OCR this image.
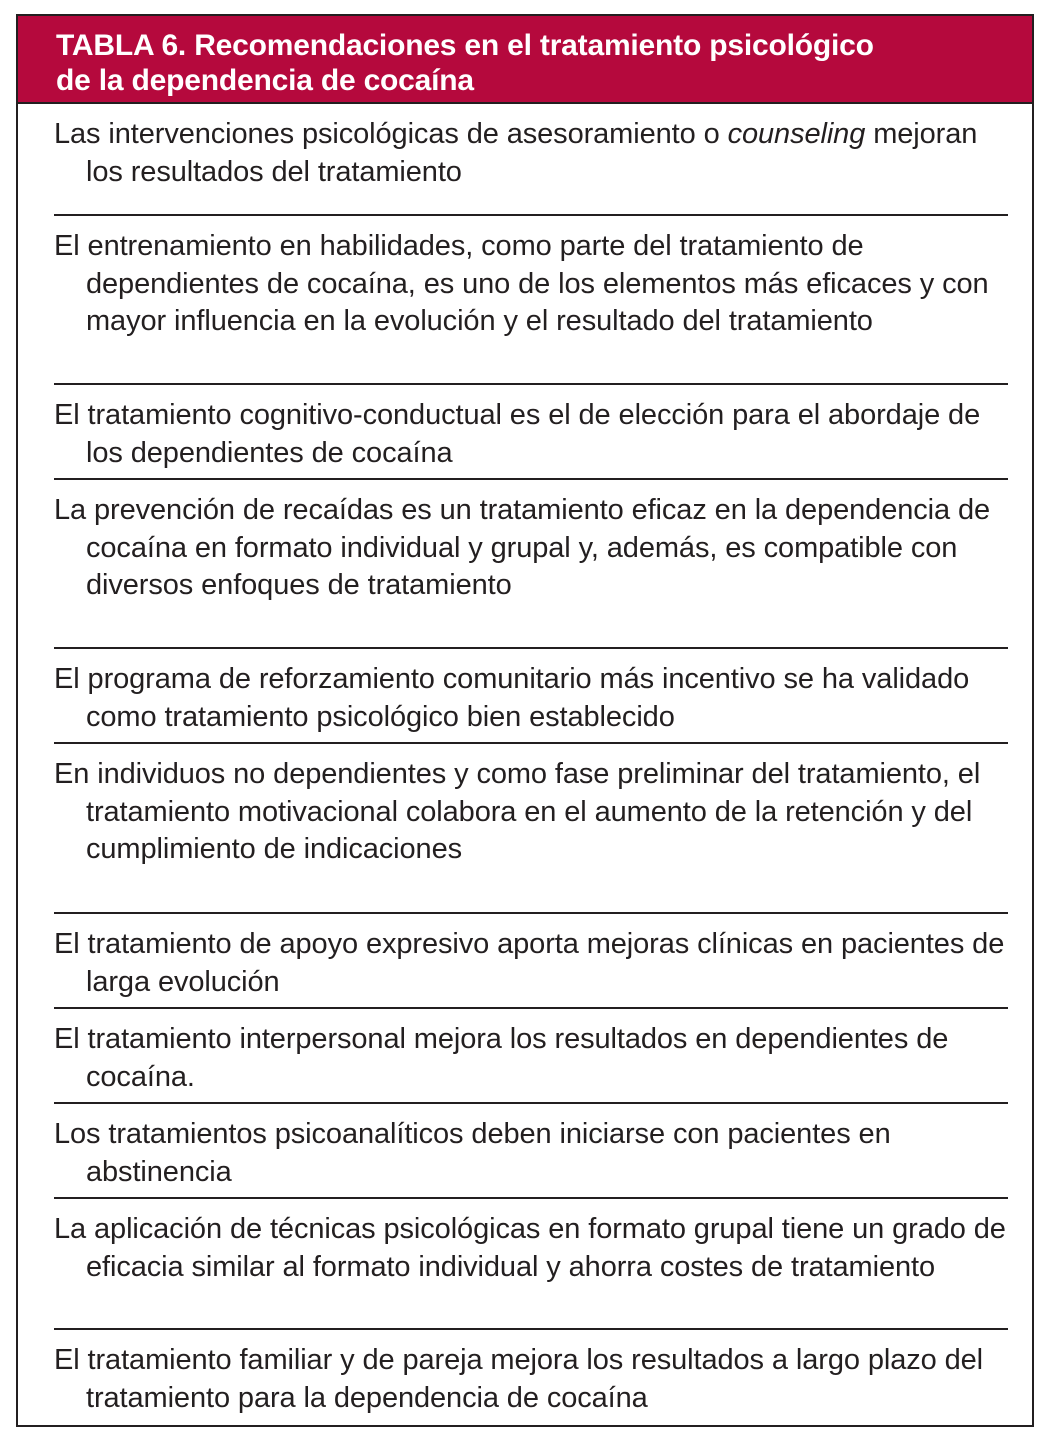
TABLA 6. Recomendaciones en el tratamiento psicológico
de la dependencia de cocaína
Las intervenciones psicológicas de asesoramiento o counseling mejoran los resultados del tratamiento
El entrenamiento en habilidades, como parte del tratamiento de dependientes de cocaína, es uno de los elementos más eficaces y con mayor influencia en la evolución y el resultado del tratamiento
El tratamiento cognitivo-conductual es el de elección para el abordaje de los dependientes de cocaína
La prevención de recaídas es un tratamiento eficaz en la dependencia de cocaína en formato individual y grupal y, además, es compatible con diversos enfoques de tratamiento
El programa de reforzamiento comunitario más incentivo se ha validado como tratamiento psicológico bien establecido
En individuos no dependientes y como fase preliminar del tratamiento, el tratamiento motivacional colabora en el aumento de la retención y del cumplimiento de indicaciones
El tratamiento de apoyo expresivo aporta mejoras clínicas en pacientes de larga evolución
El tratamiento interpersonal mejora los resultados en dependientes de cocaína.
Los tratamientos psicoanalíticos deben iniciarse con pacientes en abstinencia
La aplicación de técnicas psicológicas en formato grupal tiene un grado de eficacia similar al formato individual y ahorra costes de tratamiento
El tratamiento familiar y de pareja mejora los resultados a largo plazo del tratamiento para la dependencia de cocaína
